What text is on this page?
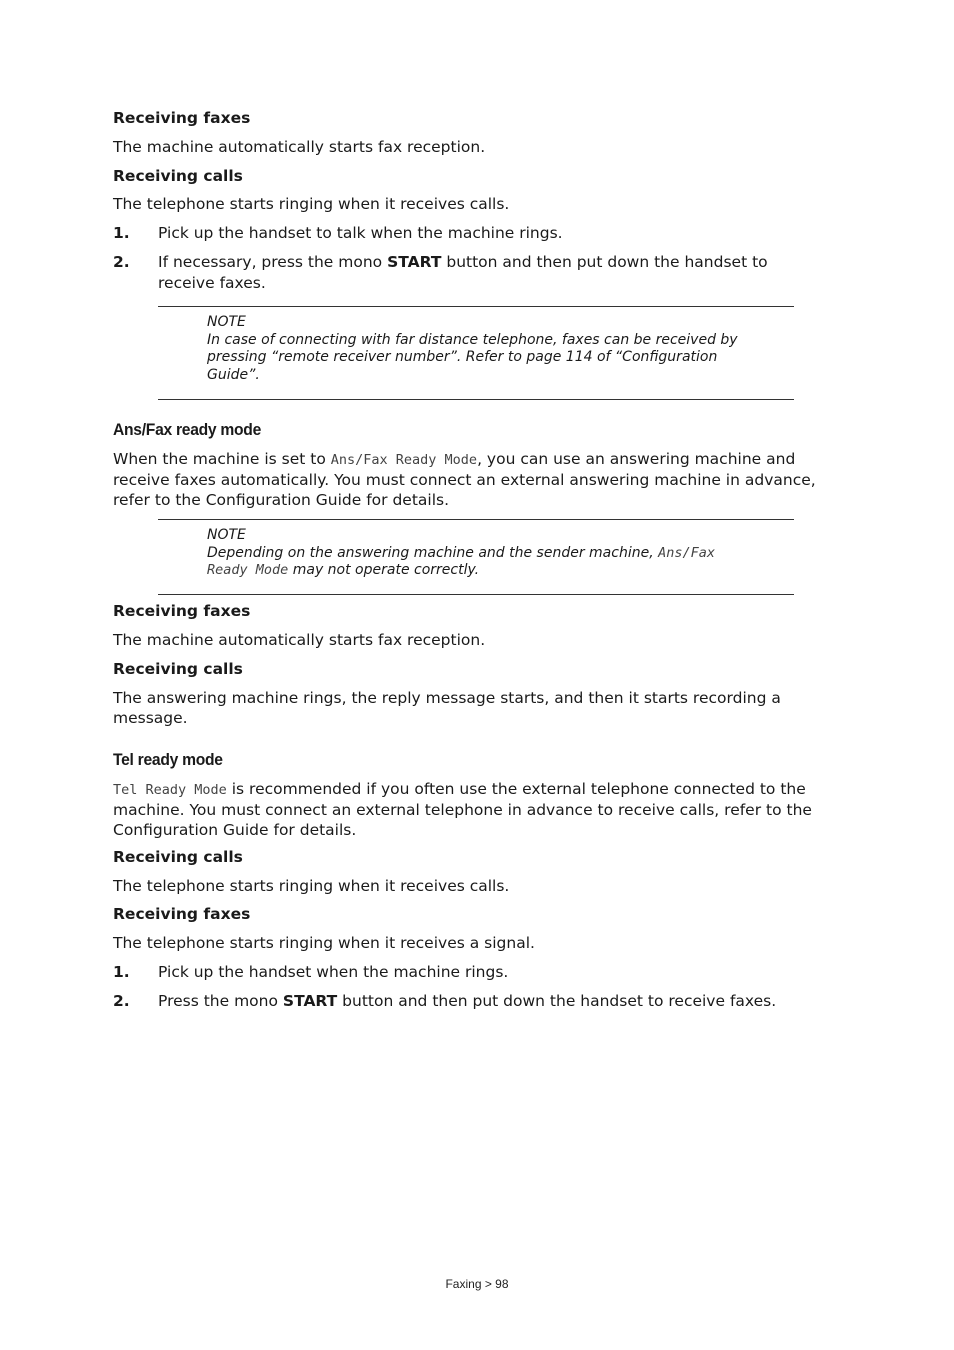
Receiving faxes

The machine automatically starts fax reception.

Receiving calls

The telephone starts ringing when it receives calls.

1. Pick up the handset to talk when the machine rings.

2. If necessary, press the mono START button and then put down the handset to receive faxes.

NOTE
In case of connecting with far distance telephone, faxes can be received by pressing “remote receiver number”. Refer to page 114 of “Configuration Guide”.

Ans/Fax ready mode

When the machine is set to Ans/Fax Ready Mode, you can use an answering machine and receive faxes automatically. You must connect an external answering machine in advance, refer to the Configuration Guide for details.

NOTE
Depending on the answering machine and the sender machine, Ans/Fax Ready Mode may not operate correctly.

Receiving faxes

The machine automatically starts fax reception.

Receiving calls

The answering machine rings, the reply message starts, and then it starts recording a message.

Tel ready mode

Tel Ready Mode is recommended if you often use the external telephone connected to the machine. You must connect an external telephone in advance to receive calls, refer to the Configuration Guide for details.

Receiving calls

The telephone starts ringing when it receives calls.

Receiving faxes

The telephone starts ringing when it receives a signal.

1. Pick up the handset when the machine rings.

2. Press the mono START button and then put down the handset to receive faxes.

Faxing > 98
